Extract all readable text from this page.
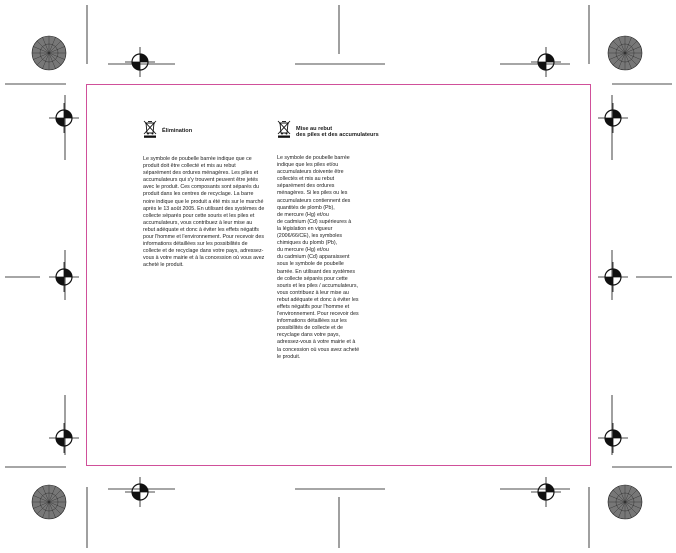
Élimination

Le symbole de poubelle barrée indique que ce produit doit être collecté et mis au rebut séparément des ordures ménagères. Les piles et accumulateurs qui s'y trouvent peuvent être jetés avec le produit. Ces composants sont séparés du produit dans les centres de recyclage. La barre noire indique que le produit a été mis sur le marché après le 13 août 2005. En utilisant des systèmes de collecte séparés pour cette souris et les piles et accumulateurs, vous contribuez à leur mise au rebut adéquate et donc à éviter les effets négatifs pour l'homme et l'environnement. Pour recevoir des informations détaillées sur les possibilités de collecte et de recyclage dans votre pays, adressez-vous à votre mairie et à la concession où vous avez acheté le produit.

Mise au rebut
des piles et des accumulateurs
Le symbole de poubelle barrée
indique que les piles et/ou
accumulateurs doivente être
collectés et mis au rebut
séparément des ordures
ménagères. Si les piles ou les
accumulateurs contiennent des
quantités de plomb (Pb),
de mercure (Hg) et/ou
de cadmium (Cd) supérieures à
la législation en vigueur
(2006/66/CE), les symboles
chimiques du plomb (Pb),
du mercure (Hg) et/ou
du cadmium (Cd) apparaissent
sous le symbole de poubelle
barrée. En utilisant des systèmes
de collecte séparés pour cette
souris et les piles / accumulateurs,
vous contribuez à leur mise au
rebut adéquate et donc à éviter les
effets négatifs pour l'homme et
l'environnement. Pour recevoir des
informations détaillées sur les
possibilités de collecte et de
recyclage dans votre pays,
adressez-vous à votre mairie et à
la concession où vous avez acheté
le produit.
